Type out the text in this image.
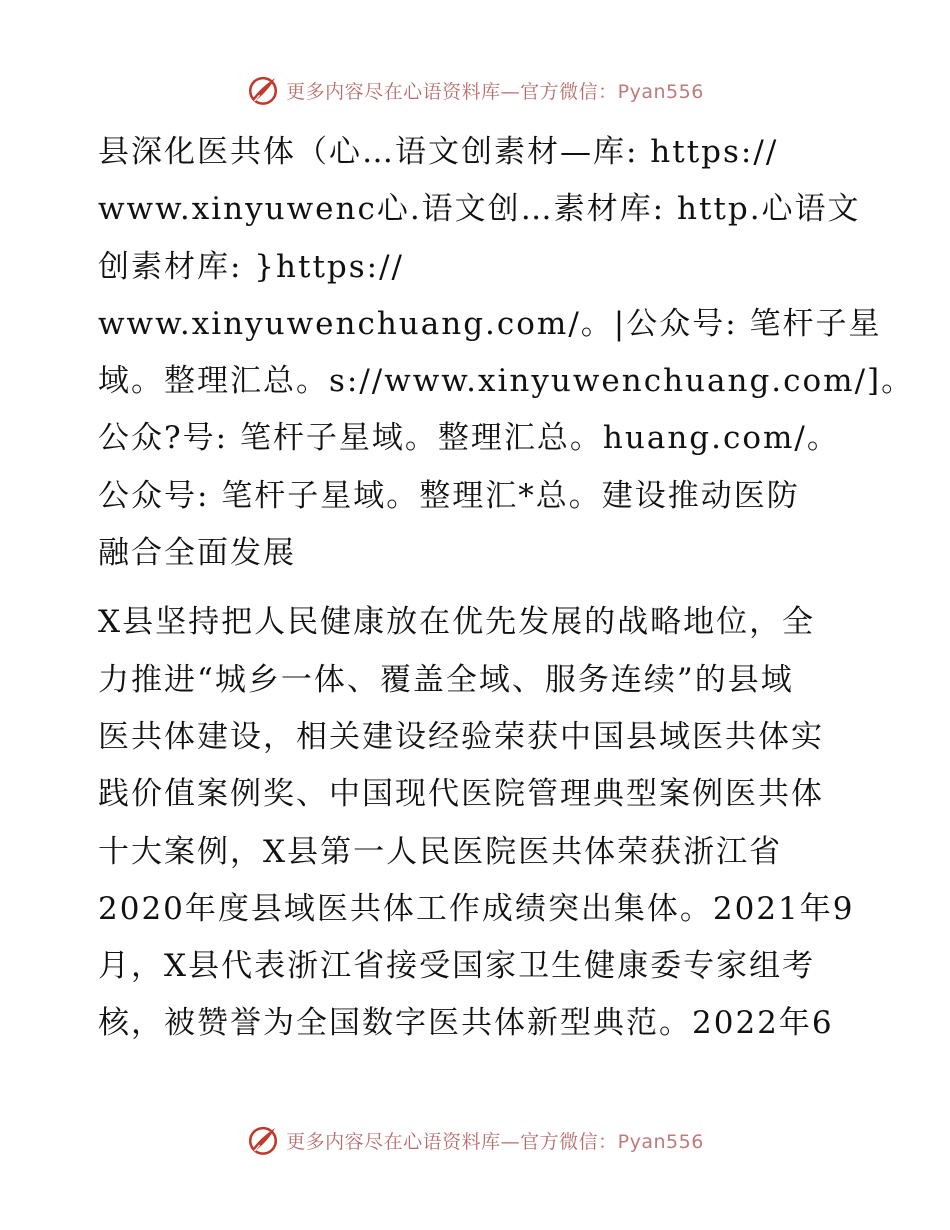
更多内容尽在心语资料库—官方微信：Pyan556
县深化医共体（心…语文创素材—库: https://
www.xinyuwenc心.语文创…素材库: http.心语文
创素材库: }https://
www.xinyuwenchuang.com/。|公众号: 笔杆子星
域。整理汇总。s://www.xinyuwenchuang.com/]。
公众?号: 笔杆子星域。整理汇总。huang.com/。
公众号: 笔杆子星域。整理汇*总。建设推动医防
融合全面发展
X县坚持把人民健康放在优先发展的战略地位，全
力推进“城乡一体、覆盖全域、服务连续”的县域
医共体建设，相关建设经验荣获中国县域医共体实
践价值案例奖、中国现代医院管理典型案例医共体
十大案例，X县第一人民医院医共体荣获浙江省
2020年度县域医共体工作成绩突出集体。2021年9
月，X县代表浙江省接受国家卫生健康委专家组考
核，被赞誉为全国数字医共体新型典范。2022年6
更多内容尽在心语资料库—官方微信：Pyan556
